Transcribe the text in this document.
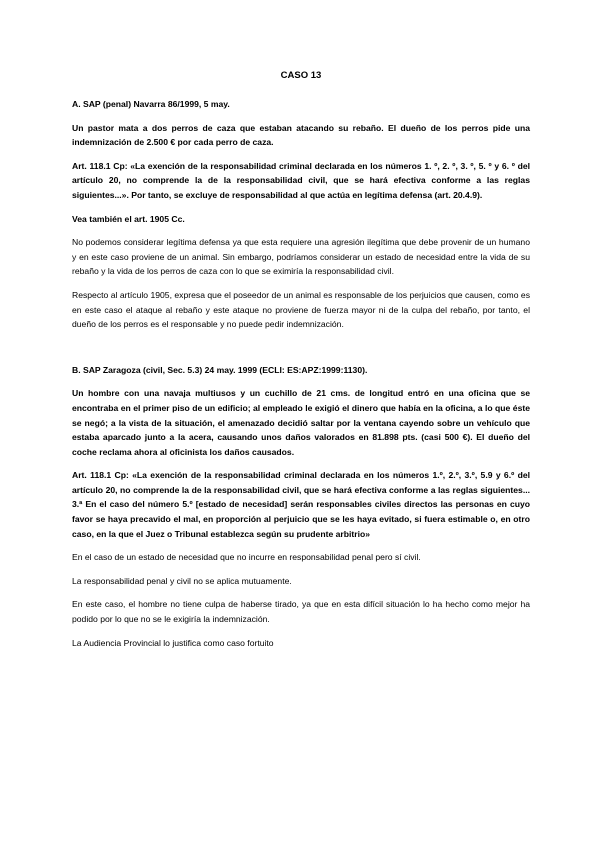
CASO 13

A. SAP (penal) Navarra 86/1999, 5 may.

Un pastor mata a dos perros de caza que estaban atacando su rebaño. El dueño de los perros pide una indemnización de 2.500 € por cada perro de caza.

Art. 118.1 Cp: «La exención de la responsabilidad criminal declarada en los números 1. º, 2. º, 3. º, 5. º y 6. º del artículo 20, no comprende la de la responsabilidad civil, que se hará efectiva conforme a las reglas siguientes...». Por tanto, se excluye de responsabilidad al que actúa en legítima defensa (art. 20.4.9).

Vea también el art. 1905 Cc.

No podemos considerar legítima defensa ya que esta requiere una agresión ilegítima que debe provenir de un humano y en este caso proviene de un animal. Sin embargo, podríamos considerar un estado de necesidad entre la vida de su rebaño y la vida de los perros de caza con lo que se eximiría la responsabilidad civil.

Respecto al artículo 1905, expresa que el poseedor de un animal es responsable de los perjuicios que causen, como es en este caso el ataque al rebaño y este ataque no proviene de fuerza mayor ni de la culpa del rebaño, por tanto, el dueño de los perros es el responsable y no puede pedir indemnización.

B. SAP Zaragoza (civil, Sec. 5.3) 24 may. 1999 (ECLI: ES:APZ:1999:1130).

Un hombre con una navaja multiusos y un cuchillo de 21 cms. de longitud entró en una oficina que se encontraba en el primer piso de un edificio; al empleado le exigió el dinero que había en la oficina, a lo que éste se negó; a la vista de la situación, el amenazado decidió saltar por la ventana cayendo sobre un vehículo que estaba aparcado junto a la acera, causando unos daños valorados en 81.898 pts. (casi 500 €). El dueño del coche reclama ahora al oficinista los daños causados.

Art. 118.1 Cp: «La exención de la responsabilidad criminal declarada en los números 1.º, 2.º, 3.º, 5.9 y 6.º del artículo 20, no comprende la de la responsabilidad civil, que se hará efectiva conforme a las reglas siguientes... 3.ª En el caso del número 5.º [estado de necesidad] serán responsables civiles directos las personas en cuyo favor se haya precavido el mal, en proporción al perjuicio que se les haya evitado, si fuera estimable o, en otro caso, en la que el Juez o Tribunal establezca según su prudente arbitrio»

En el caso de un estado de necesidad que no incurre en responsabilidad penal pero sí civil.

La responsabilidad penal y civil no se aplica mutuamente.

En este caso, el hombre no tiene culpa de haberse tirado, ya que en esta difícil situación lo ha hecho como mejor ha podido por lo que no se le exigiría la indemnización.

La Audiencia Provincial lo justifica como caso fortuito
